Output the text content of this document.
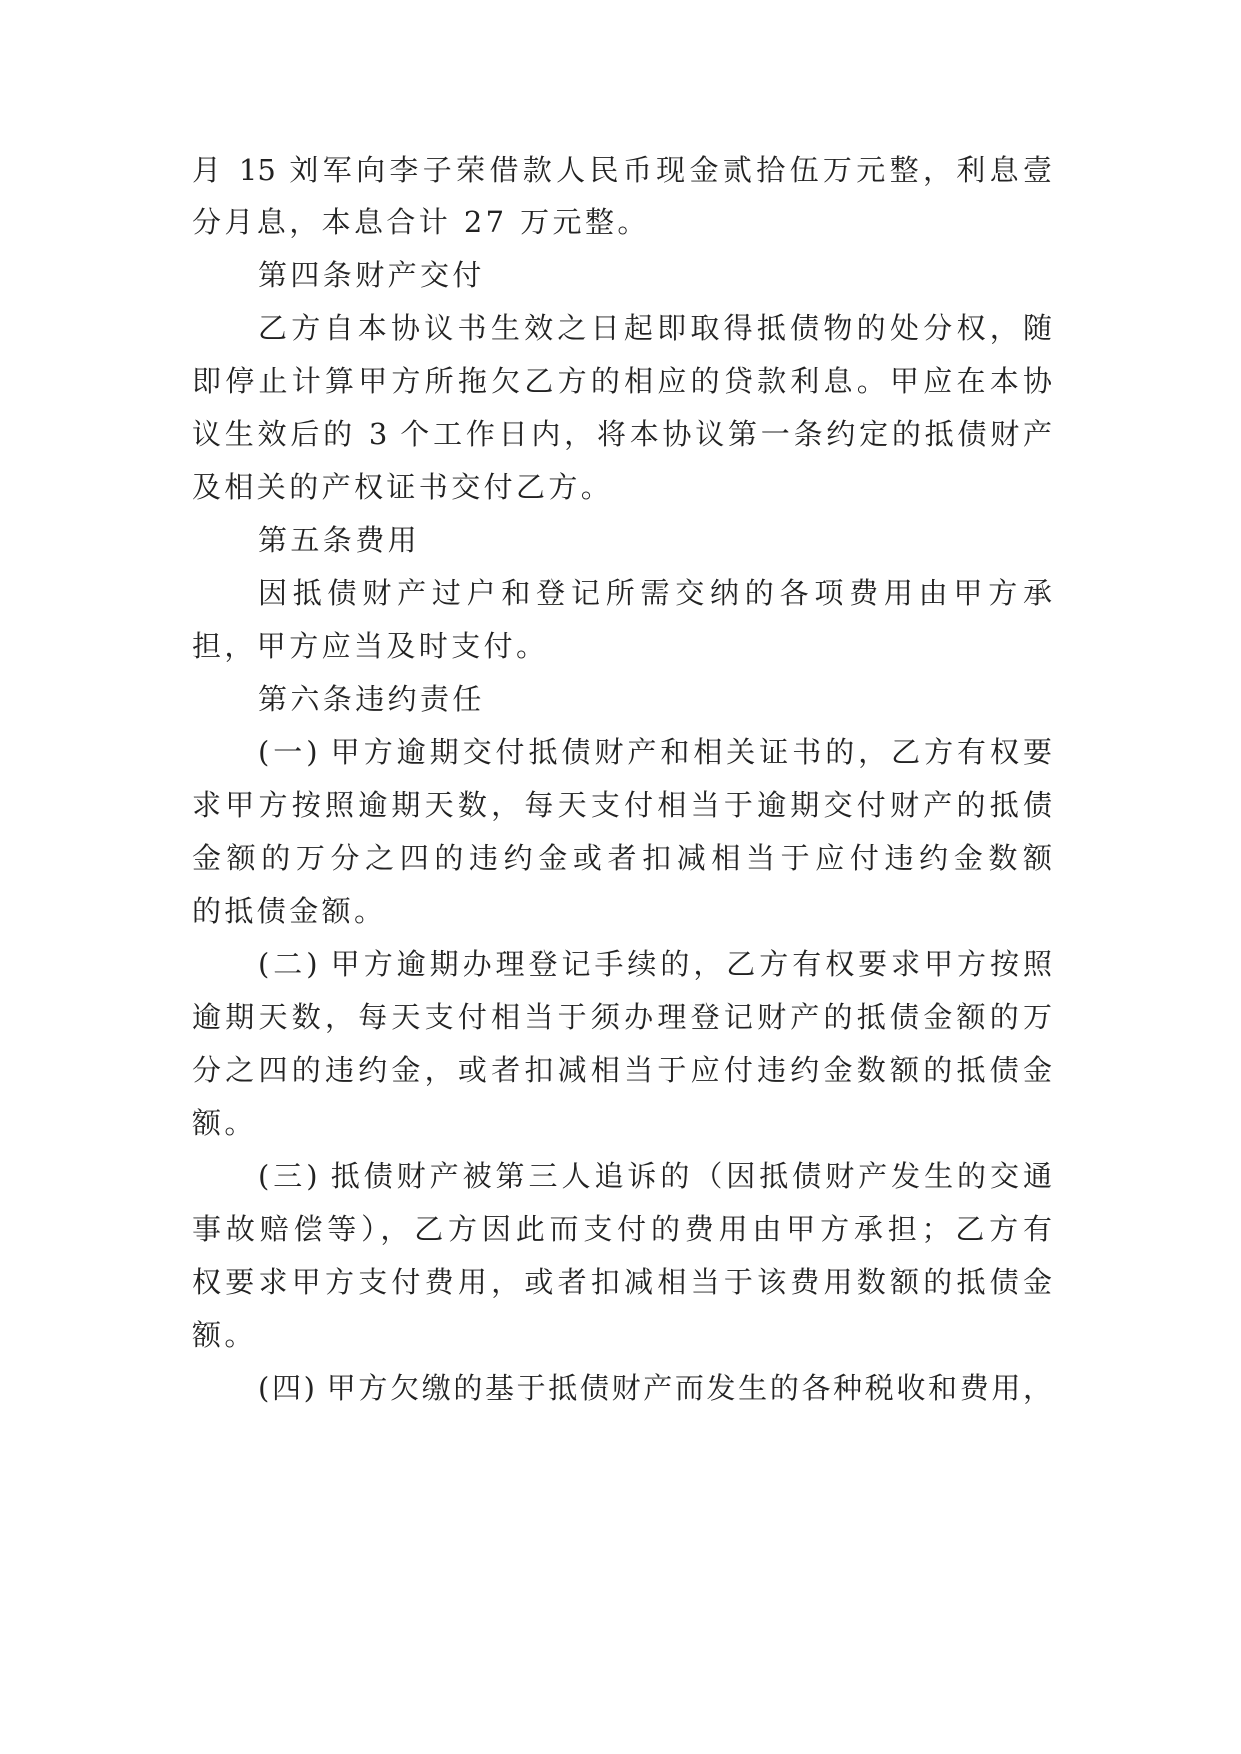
月 15 刘军向李子荣借款人民币现金贰拾伍万元整，利息壹
分月息，本息合计 27 万元整。
第四条财产交付
乙方自本协议书生效之日起即取得抵债物的处分权，随
即停止计算甲方所拖欠乙方的相应的贷款利息。甲应在本协
议生效后的 3 个工作日内，将本协议第一条约定的抵债财产
及相关的产权证书交付乙方。
第五条费用
因抵债财产过户和登记所需交纳的各项费用由甲方承
担，甲方应当及时支付。
第六条违约责任
(一) 甲方逾期交付抵债财产和相关证书的，乙方有权要
求甲方按照逾期天数，每天支付相当于逾期交付财产的抵债
金额的万分之四的违约金或者扣减相当于应付违约金数额
的抵债金额。
(二) 甲方逾期办理登记手续的，乙方有权要求甲方按照
逾期天数，每天支付相当于须办理登记财产的抵债金额的万
分之四的违约金，或者扣减相当于应付违约金数额的抵债金
额。
(三) 抵债财产被第三人追诉的（因抵债财产发生的交通
事故赔偿等），乙方因此而支付的费用由甲方承担；乙方有
权要求甲方支付费用，或者扣减相当于该费用数额的抵债金
额。
(四) 甲方欠缴的基于抵债财产而发生的各种税收和费用，
